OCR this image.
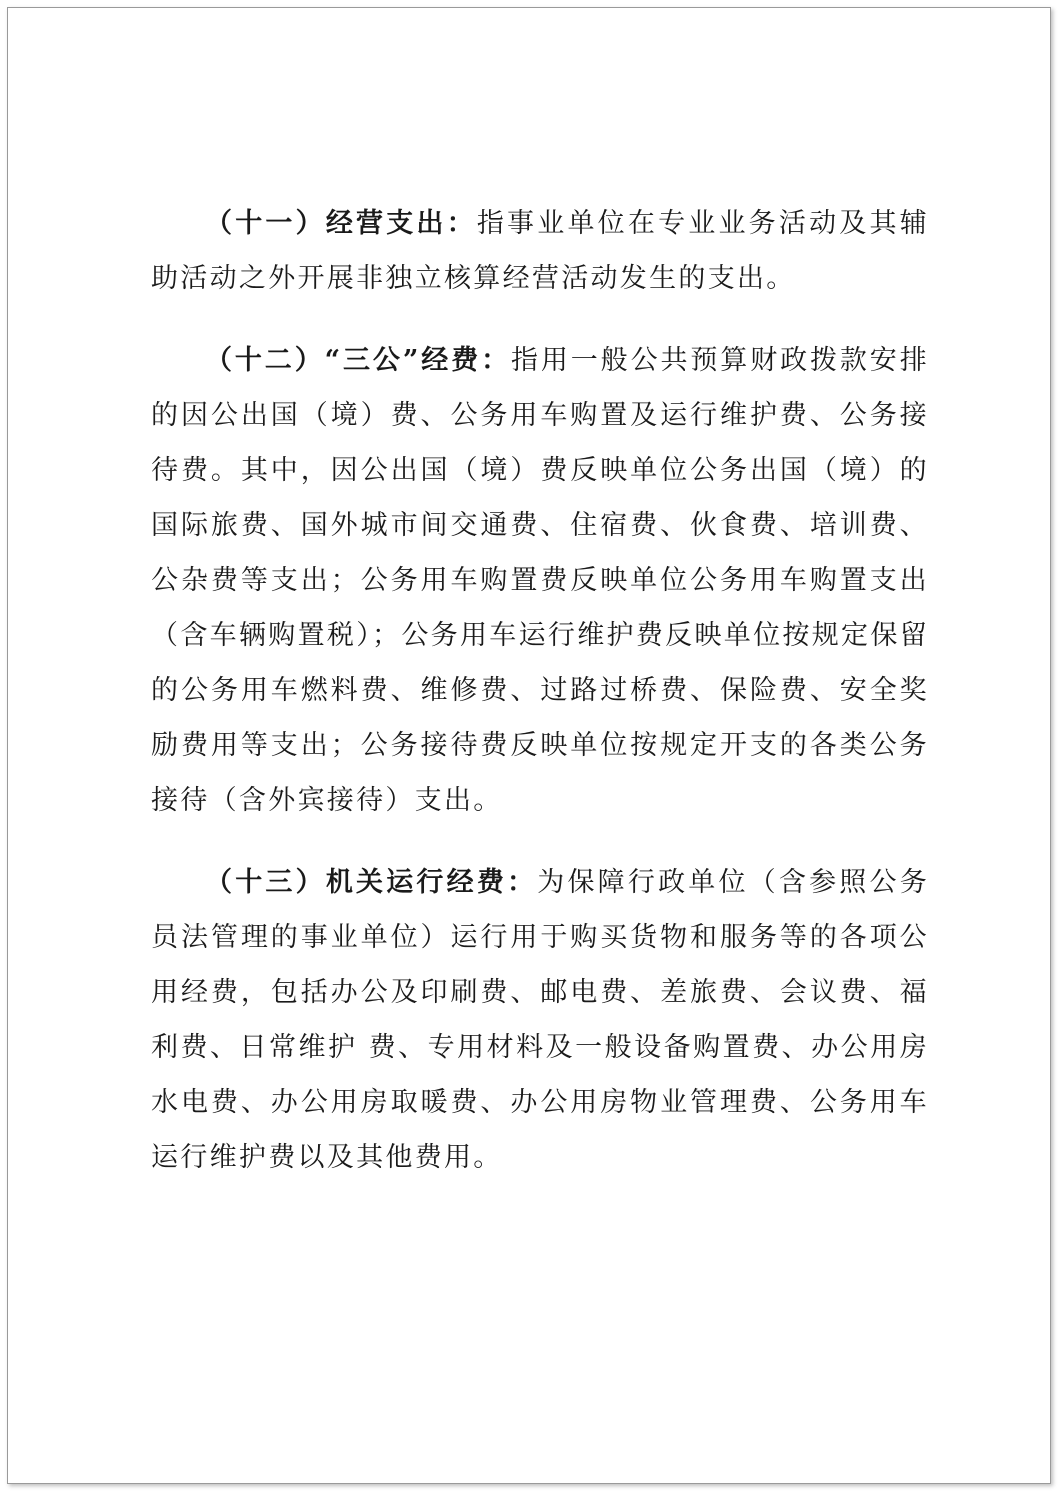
（十一）经营支出：指事业单位在专业业务活动及其辅助活动之外开展非独立核算经营活动发生的支出。

（十二）“三公”经费：指用一般公共预算财政拨款安排的因公出国（境）费、公务用车购置及运行维护费、公务接待费。其中，因公出国（境）费反映单位公务出国（境）的国际旅费、国外城市间交通费、住宿费、伙食费、培训费、公杂费等支出；公务用车购置费反映单位公务用车购置支出（含车辆购置税）；公务用车运行维护费反映单位按规定保留的公务用车燃料费、维修费、过路过桥费、保险费、安全奖励费用等支出；公务接待费反映单位按规定开支的各类公务接待（含外宾接待）支出。

（十三）机关运行经费：为保障行政单位（含参照公务员法管理的事业单位）运行用于购买货物和服务等的各项公用经费，包括办公及印刷费、邮电费、差旅费、会议费、福利费、日常维护 费、专用材料及一般设备购置费、办公用房水电费、办公用房取暖费、办公用房物业管理费、公务用车运行维护费以及其他费用。
